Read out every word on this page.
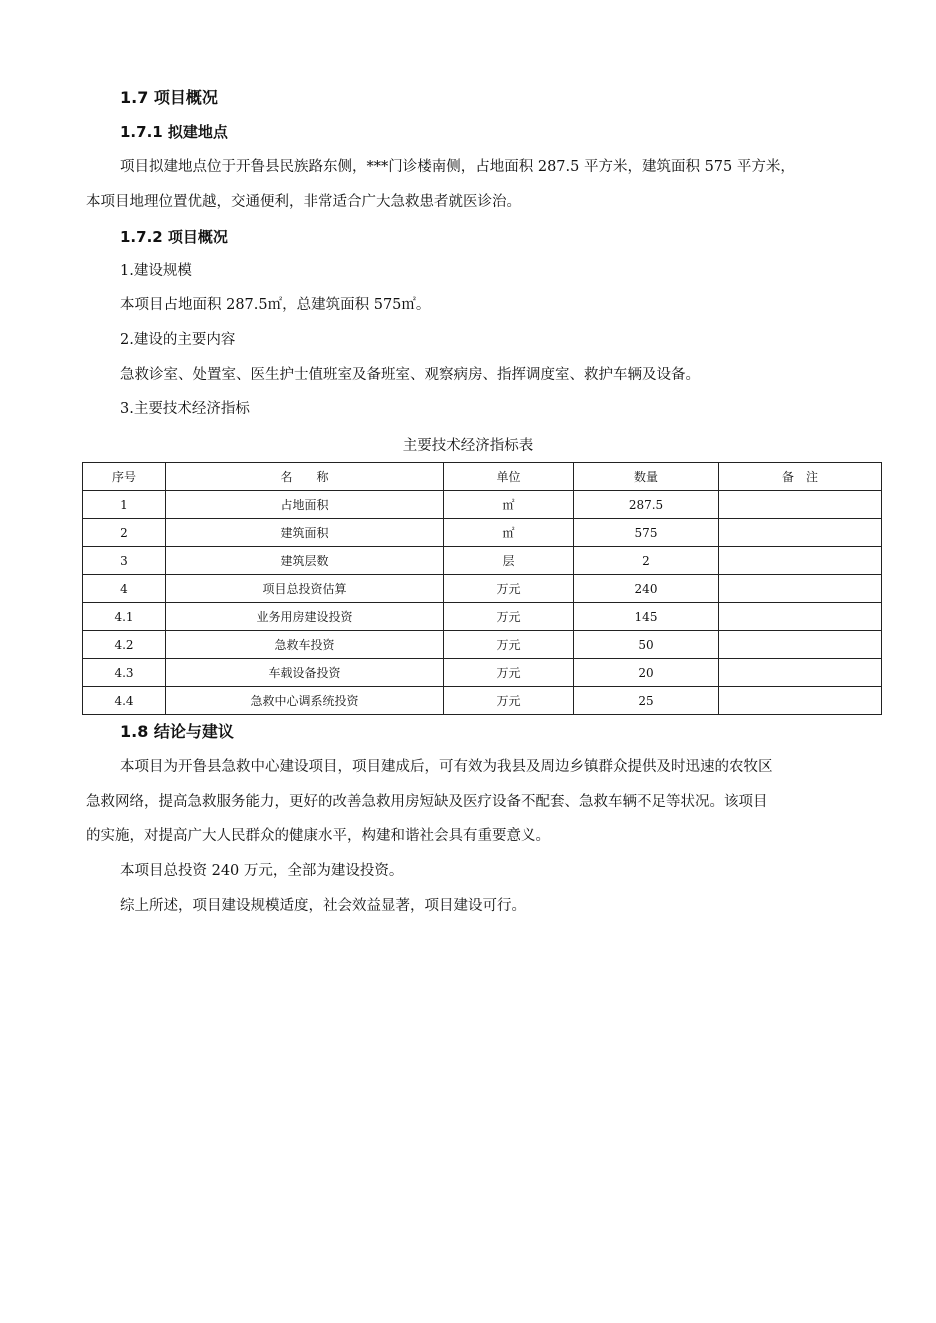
1.7 项目概况
1.7.1 拟建地点
项目拟建地点位于开鲁县民族路东侧，***门诊楼南侧，占地面积 287.5 平方米，建筑面积 575 平方米，
本项目地理位置优越，交通便利，非常适合广大急救患者就医诊治。
1.7.2 项目概况
1.建设规模
本项目占地面积 287.5㎡，总建筑面积 575㎡。
2.建设的主要内容
急救诊室、处置室、医生护士值班室及备班室、观察病房、指挥调度室、救护车辆及设备。
3.主要技术经济指标
主要技术经济指标表
序号	名　　称	单位	数量	备　注
1	占地面积	㎡	287.5	
2	建筑面积	㎡	575	
3	建筑层数	层	2	
4	项目总投资估算	万元	240	
4.1	业务用房建设投资	万元	145	
4.2	急救车投资	万元	50	
4.3	车载设备投资	万元	20	
4.4	急救中心调系统投资	万元	25	
1.8 结论与建议
本项目为开鲁县急救中心建设项目，项目建成后，可有效为我县及周边乡镇群众提供及时迅速的农牧区
急救网络，提高急救服务能力，更好的改善急救用房短缺及医疗设备不配套、急救车辆不足等状况。该项目
的实施，对提高广大人民群众的健康水平，构建和谐社会具有重要意义。
本项目总投资 240 万元，全部为建设投资。
综上所述，项目建设规模适度，社会效益显著，项目建设可行。
